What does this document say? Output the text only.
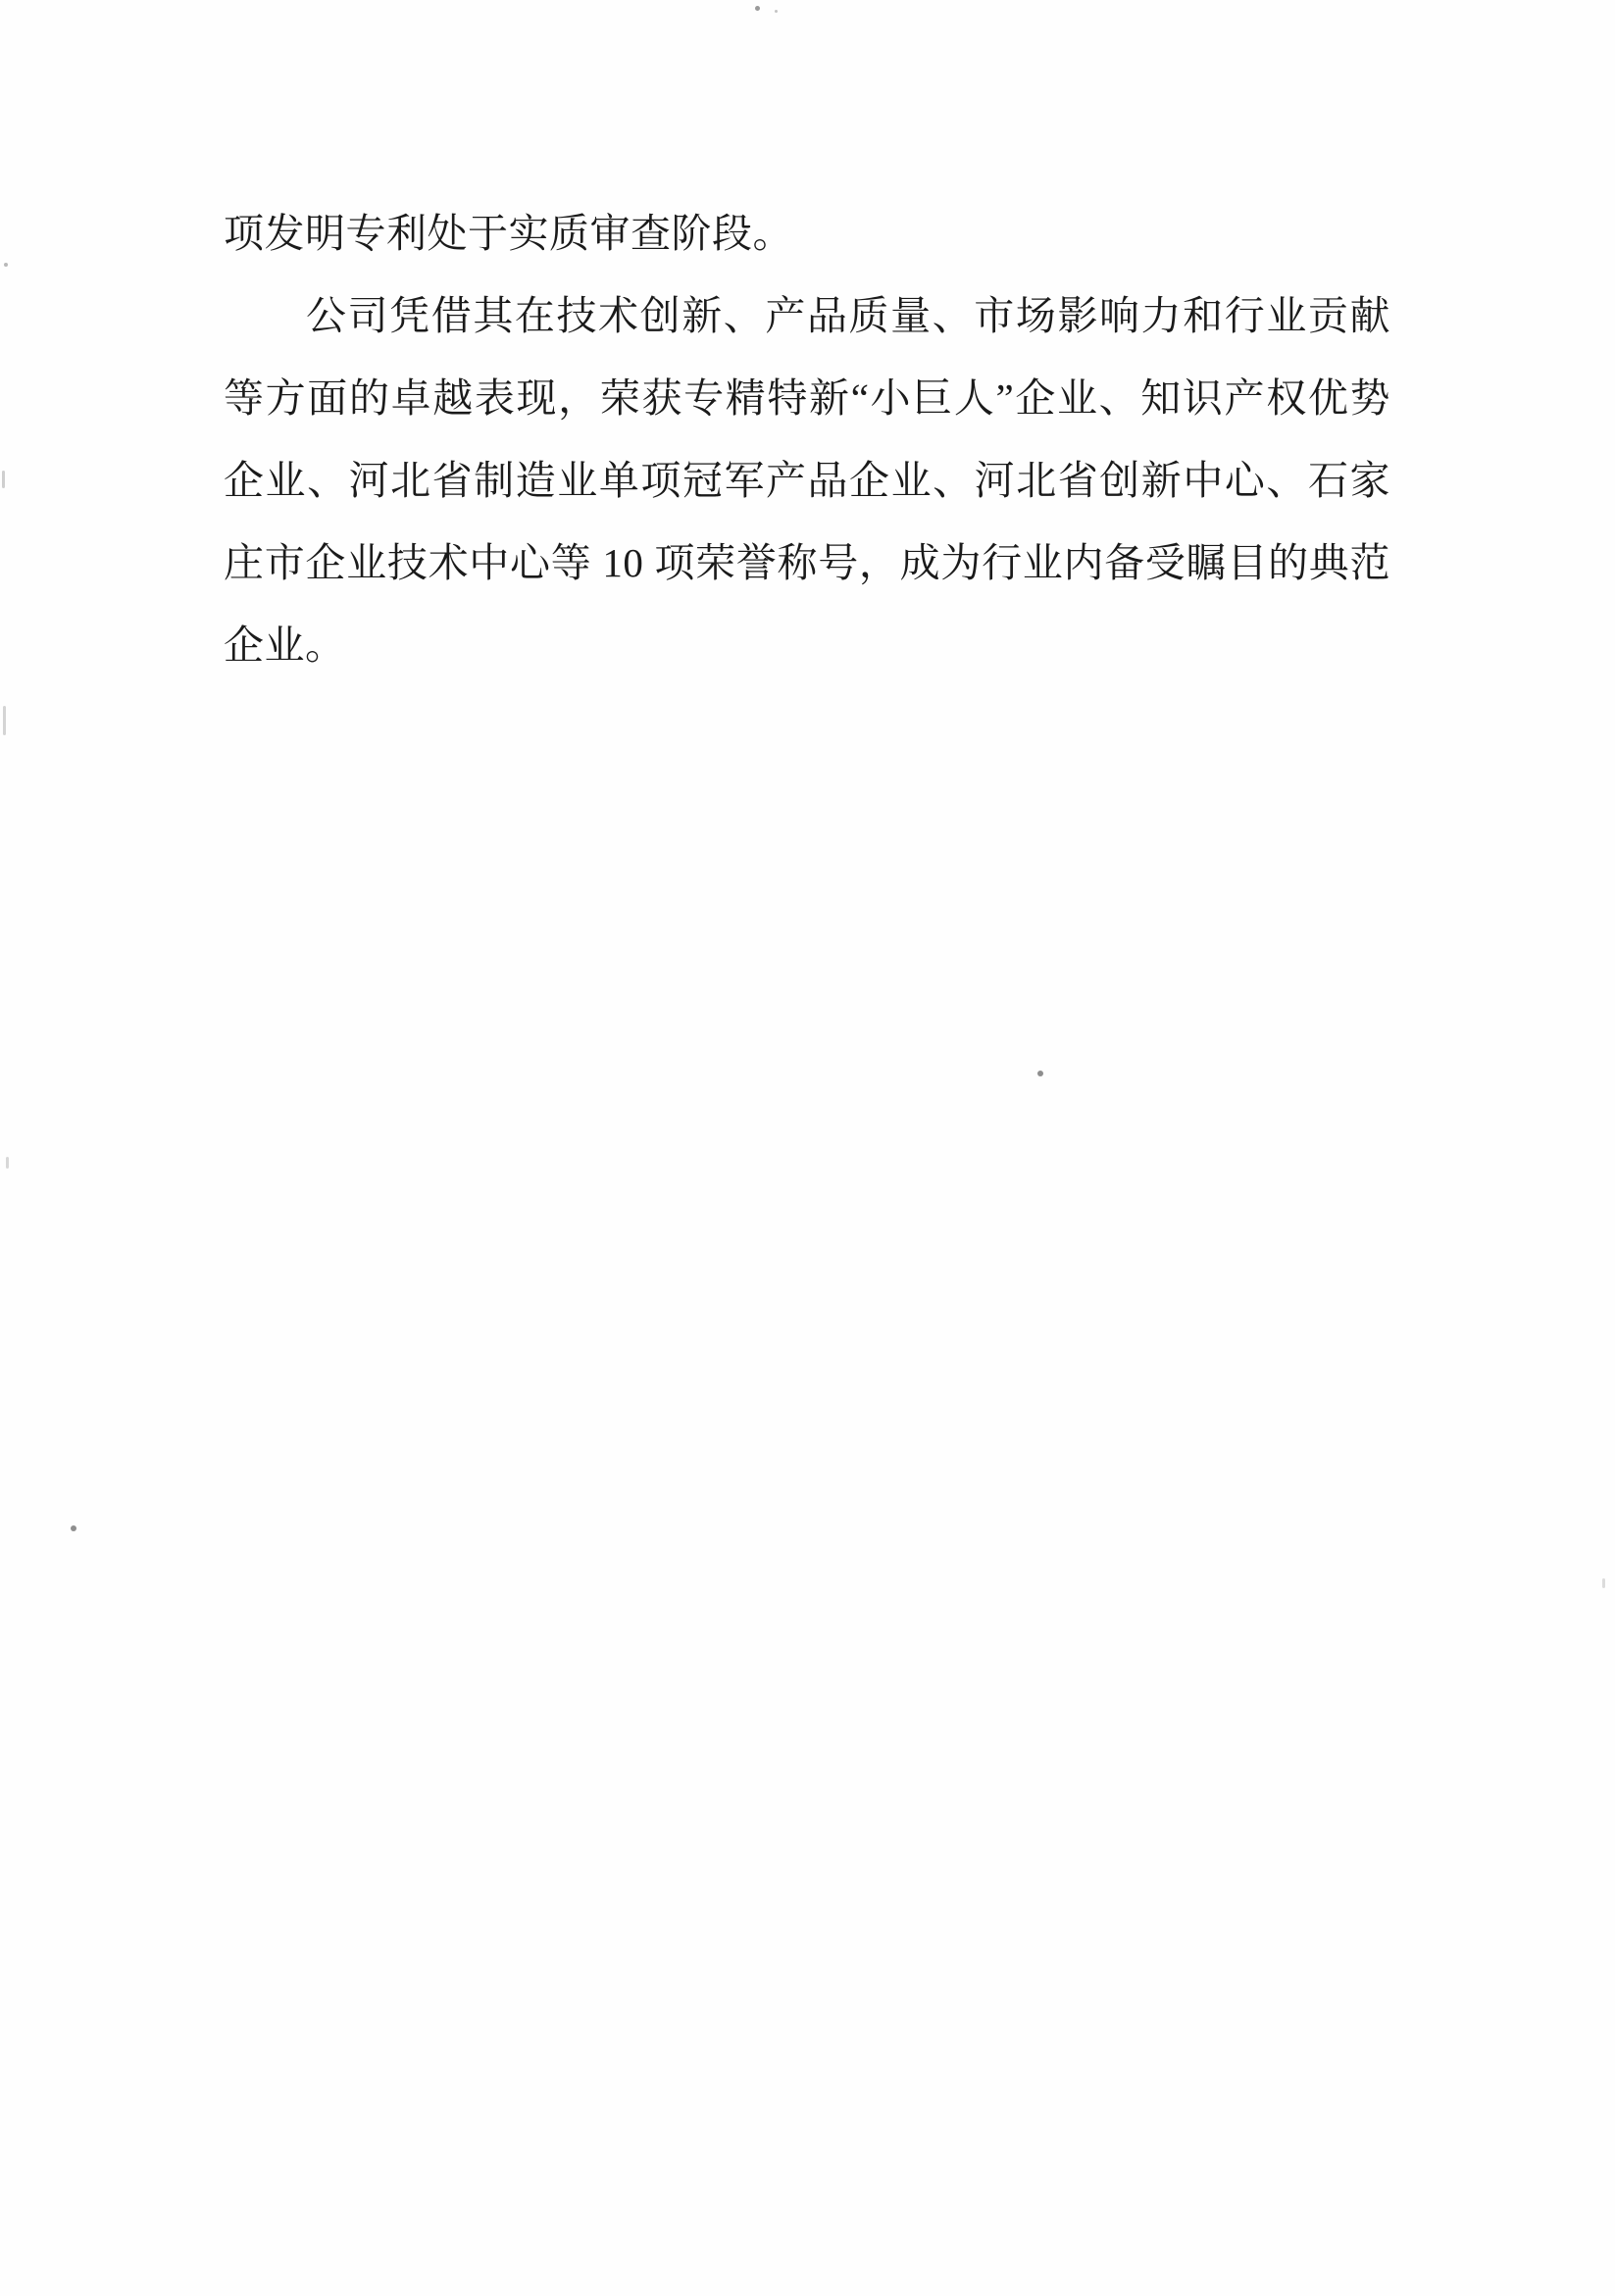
项发明专利处于实质审查阶段。

公司凭借其在技术创新、产品质量、市场影响力和行业贡献等方面的卓越表现，荣获专精特新“小巨人”企业、知识产权优势企业、河北省制造业单项冠军产品企业、河北省创新中心、石家庄市企业技术中心等 10 项荣誉称号，成为行业内备受瞩目的典范企业。
